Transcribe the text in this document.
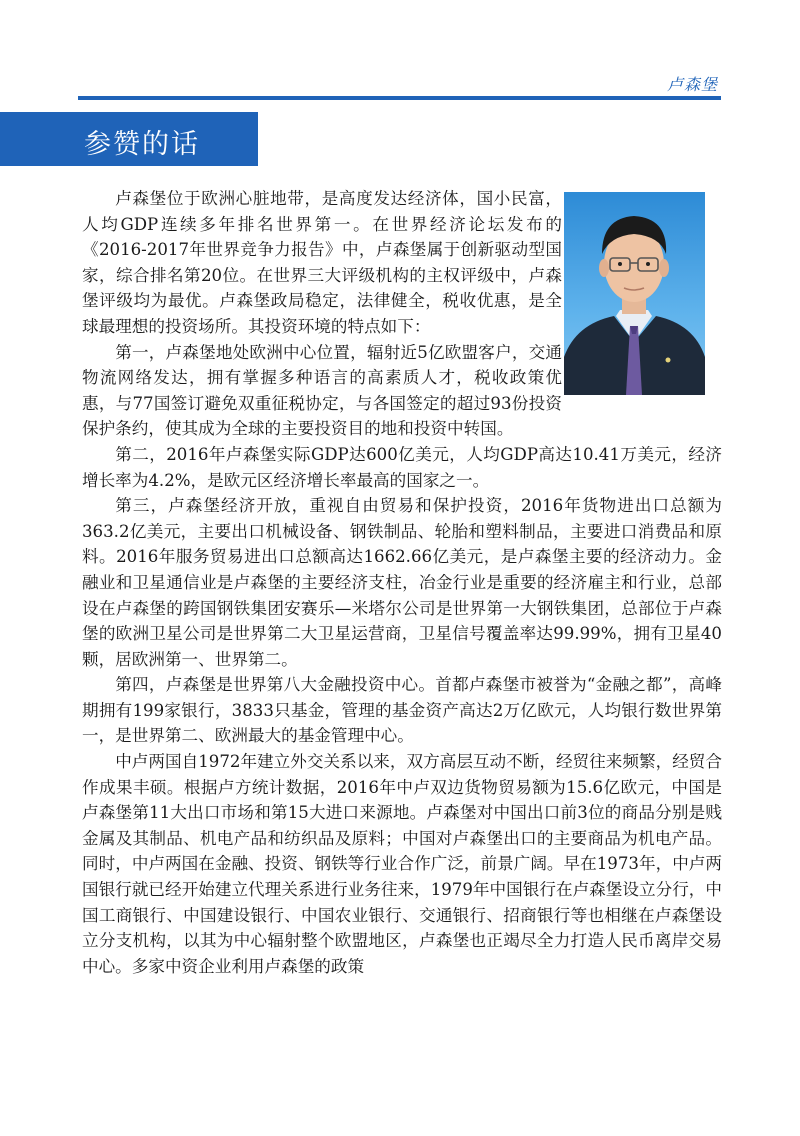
卢森堡
参赞的话

卢森堡位于欧洲心脏地带，是高度发达经济体，国小民富，人均GDP连续多年排名世界第一。在世界经济论坛发布的《2016-2017年世界竞争力报告》中，卢森堡属于创新驱动型国家，综合排名第20位。在世界三大评级机构的主权评级中，卢森堡评级均为最优。卢森堡政局稳定，法律健全，税收优惠，是全球最理想的投资场所。其投资环境的特点如下：

第一，卢森堡地处欧洲中心位置，辐射近5亿欧盟客户，交通物流网络发达，拥有掌握多种语言的高素质人才，税收政策优惠，与77国签订避免双重征税协定，与各国签定的超过93份投资保护条约，使其成为全球的主要投资目的地和投资中转国。

第二，2016年卢森堡实际GDP达600亿美元，人均GDP高达10.41万美元，经济增长率为4.2%，是欧元区经济增长率最高的国家之一。

第三，卢森堡经济开放，重视自由贸易和保护投资，2016年货物进出口总额为363.2亿美元，主要出口机械设备、钢铁制品、轮胎和塑料制品，主要进口消费品和原料。2016年服务贸易进出口总额高达1662.66亿美元，是卢森堡主要的经济动力。金融业和卫星通信业是卢森堡的主要经济支柱，冶金行业是重要的经济雇主和行业，总部设在卢森堡的跨国钢铁集团安赛乐—米塔尔公司是世界第一大钢铁集团，总部位于卢森堡的欧洲卫星公司是世界第二大卫星运营商，卫星信号覆盖率达99.99%，拥有卫星40颗，居欧洲第一、世界第二。

第四，卢森堡是世界第八大金融投资中心。首都卢森堡市被誉为“金融之都”，高峰期拥有199家银行，3833只基金，管理的基金资产高达2万亿欧元，人均银行数世界第一，是世界第二、欧洲最大的基金管理中心。

中卢两国自1972年建立外交关系以来，双方高层互动不断，经贸往来频繁，经贸合作成果丰硕。根据卢方统计数据，2016年中卢双边货物贸易额为15.6亿欧元，中国是卢森堡第11大出口市场和第15大进口来源地。卢森堡对中国出口前3位的商品分别是贱金属及其制品、机电产品和纺织品及原料；中国对卢森堡出口的主要商品为机电产品。同时，中卢两国在金融、投资、钢铁等行业合作广泛，前景广阔。早在1973年，中卢两国银行就已经开始建立代理关系进行业务往来，1979年中国银行在卢森堡设立分行，中国工商银行、中国建设银行、中国农业银行、交通银行、招商银行等也相继在卢森堡设立分支机构，以其为中心辐射整个欧盟地区，卢森堡也正竭尽全力打造人民币离岸交易中心。多家中资企业利用卢森堡的政策
